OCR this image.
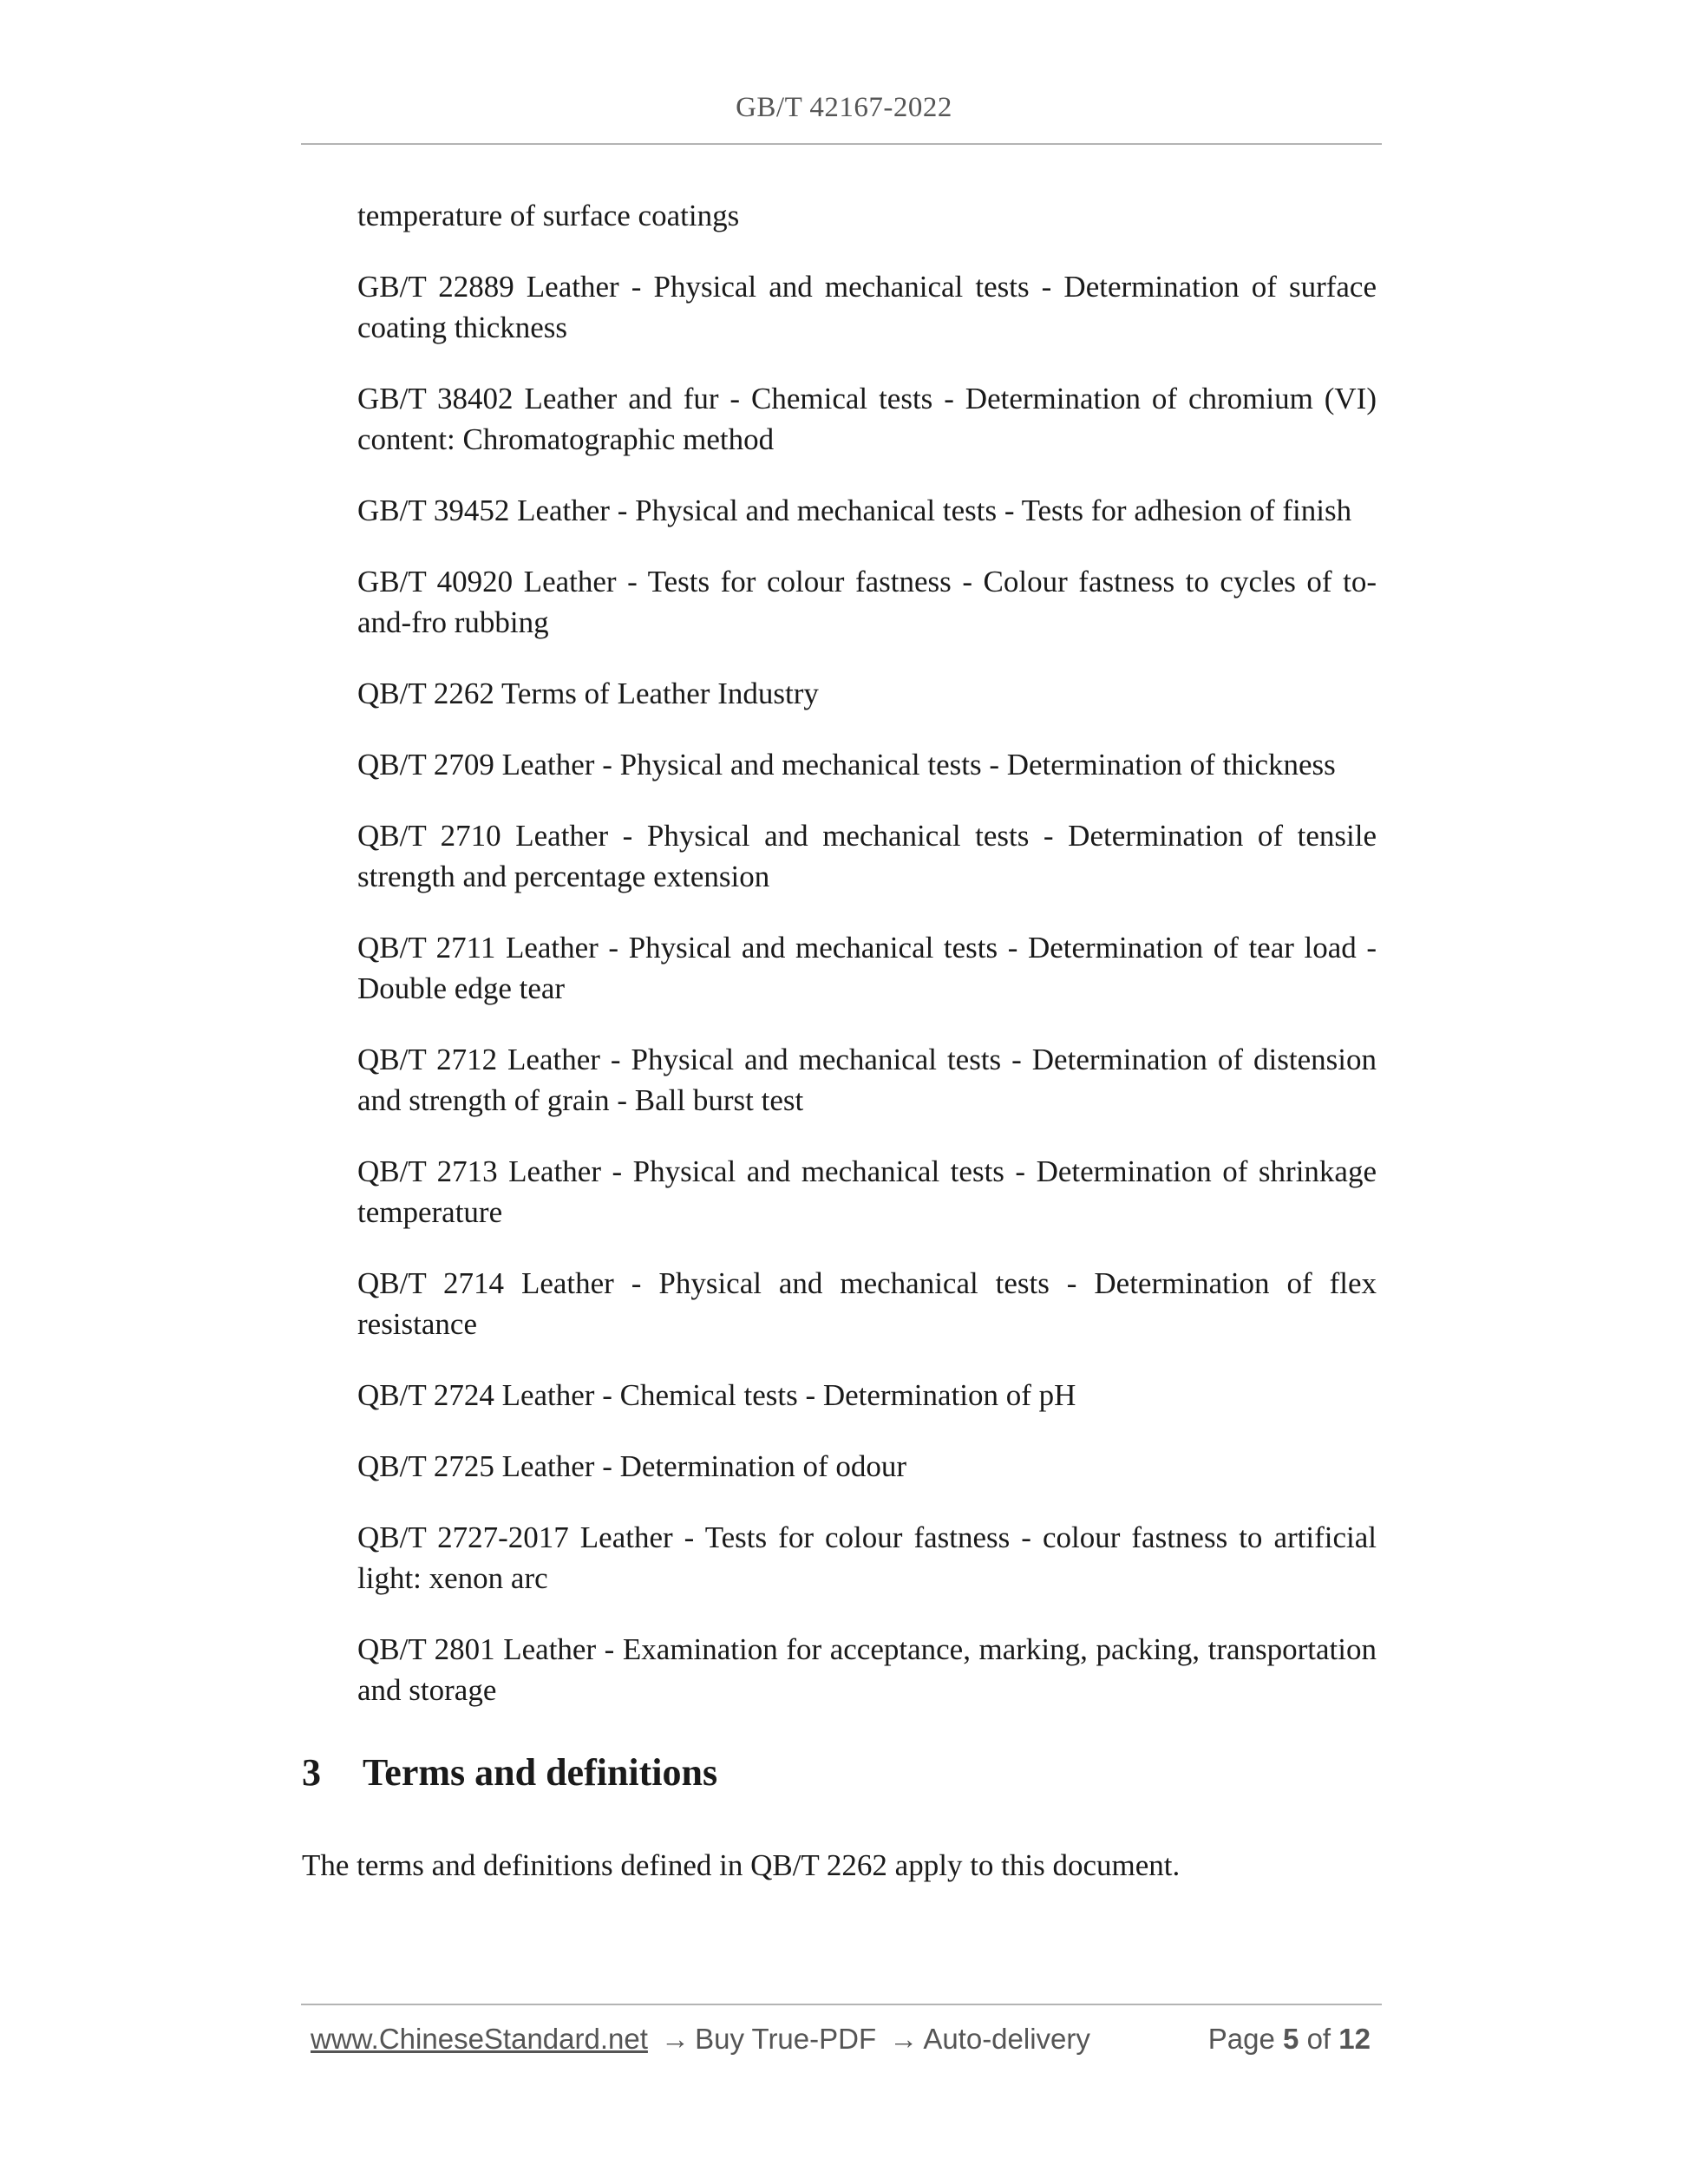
GB/T 42167-2022
temperature of surface coatings
GB/T 22889 Leather - Physical and mechanical tests - Determination of surface coating thickness
GB/T 38402 Leather and fur - Chemical tests - Determination of chromium (VI) content: Chromatographic method
GB/T 39452 Leather - Physical and mechanical tests - Tests for adhesion of finish
GB/T 40920 Leather - Tests for colour fastness - Colour fastness to cycles of to-and-fro rubbing
QB/T 2262 Terms of Leather Industry
QB/T 2709 Leather - Physical and mechanical tests - Determination of thickness
QB/T 2710 Leather - Physical and mechanical tests - Determination of tensile strength and percentage extension
QB/T 2711 Leather - Physical and mechanical tests - Determination of tear load - Double edge tear
QB/T 2712 Leather - Physical and mechanical tests - Determination of distension and strength of grain - Ball burst test
QB/T 2713 Leather - Physical and mechanical tests - Determination of shrinkage temperature
QB/T 2714 Leather - Physical and mechanical tests - Determination of flex resistance
QB/T 2724 Leather - Chemical tests - Determination of pH
QB/T 2725 Leather - Determination of odour
QB/T 2727-2017 Leather - Tests for colour fastness - colour fastness to artificial light: xenon arc
QB/T 2801 Leather - Examination for acceptance, marking, packing, transportation and storage
3 Terms and definitions

The terms and definitions defined in QB/T 2262 apply to this document.

www.ChineseStandard.net → Buy True-PDF → Auto-delivery	Page 5 of 12
